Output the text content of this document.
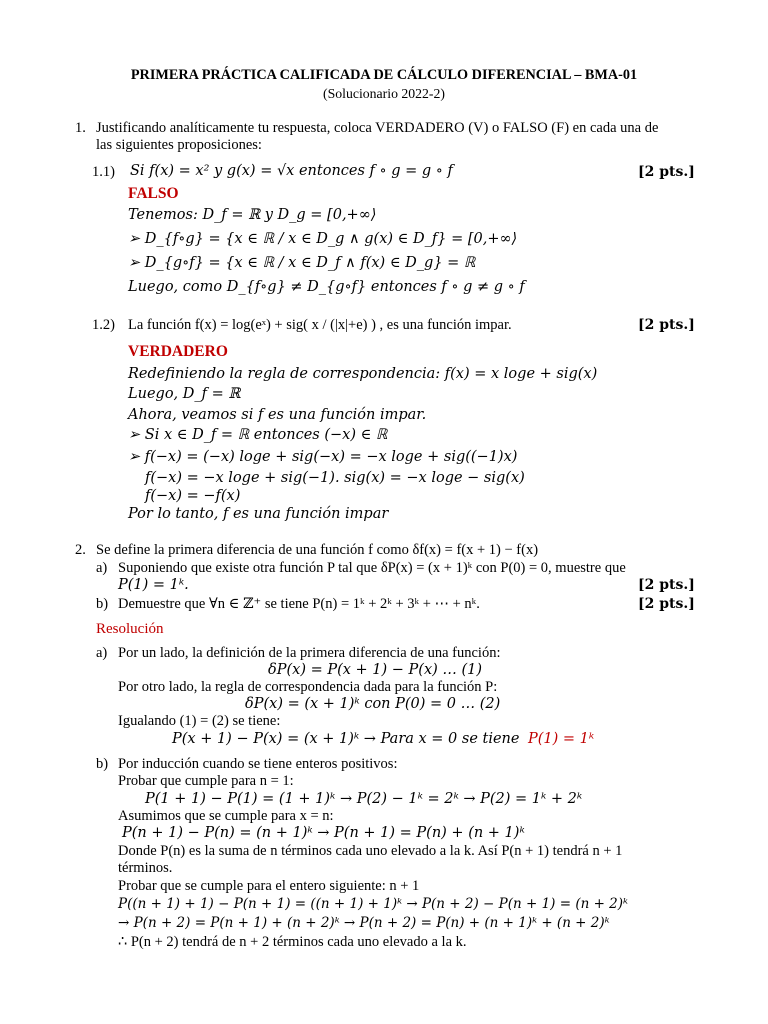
PRIMERA PRÁCTICA CALIFICADA DE CÁLCULO DIFERENCIAL – BMA-01
(Solucionario 2022-2)
1. Justificando analíticamente tu respuesta, coloca VERDADERO (V) o FALSO (F) en cada una de
las siguientes proposiciones:
1.1) Si f(x) = x² y g(x) = √x entonces f ∘ g = g ∘ f	[2 pts.]
FALSO
Tenemos: D_f = ℝ y D_g = [0,+∞⟩
➢ D_{f∘g} = {x ∈ ℝ / x ∈ D_g ∧ g(x) ∈ D_f} = [0,+∞⟩
➢ D_{g∘f} = {x ∈ ℝ / x ∈ D_f ∧ f(x) ∈ D_g} = ℝ
Luego, como D_{f∘g} ≠ D_{g∘f} entonces f ∘ g ≠ g ∘ f
1.2) La función f(x) = log(eˣ) + sig( x / (|x|+e) ) , es una función impar.	[2 pts.]
VERDADERO
Redefiniendo la regla de correspondencia: f(x) = x loge + sig(x)
Luego, D_f = ℝ
Ahora, veamos si f es una función impar.
➢ Si x ∈ D_f = ℝ entonces (−x) ∈ ℝ
➢ f(−x) = (−x) loge + sig(−x) = −x loge + sig((−1)x)
f(−x) = −x loge + sig(−1). sig(x) = −x loge − sig(x)
f(−x) = −f(x)
Por lo tanto, f es una función impar
2. Se define la primera diferencia de una función f como δf(x) = f(x + 1) − f(x)
a) Suponiendo que existe otra función P tal que δP(x) = (x + 1)ᵏ con P(0) = 0, muestre que
P(1) = 1ᵏ.	[2 pts.]
b) Demuestre que ∀n ∈ ℤ⁺ se tiene P(n) = 1ᵏ + 2ᵏ + 3ᵏ + ⋯ + nᵏ.	[2 pts.]
Resolución
a) Por un lado, la definición de la primera diferencia de una función:
δP(x) = P(x + 1) − P(x) … (1)
Por otro lado, la regla de correspondencia dada para la función P:
δP(x) = (x + 1)ᵏ con P(0) = 0 … (2)
Igualando (1) = (2) se tiene:
P(x + 1) − P(x) = (x + 1)ᵏ → Para x = 0 se tiene P(1) = 1ᵏ
b) Por inducción cuando se tiene enteros positivos:
Probar que cumple para n = 1:
P(1 + 1) − P(1) = (1 + 1)ᵏ → P(2) − 1ᵏ = 2ᵏ → P(2) = 1ᵏ + 2ᵏ
Asumimos que se cumple para x = n:
P(n + 1) − P(n) = (n + 1)ᵏ → P(n + 1) = P(n) + (n + 1)ᵏ
Donde P(n) es la suma de n términos cada uno elevado a la k. Así P(n + 1) tendrá n + 1
términos.
Probar que se cumple para el entero siguiente: n + 1
P((n + 1) + 1) − P(n + 1) = ((n + 1) + 1)ᵏ → P(n + 2) − P(n + 1) = (n + 2)ᵏ
→ P(n + 2) = P(n + 1) + (n + 2)ᵏ → P(n + 2) = P(n) + (n + 1)ᵏ + (n + 2)ᵏ
∴ P(n + 2) tendrá de n + 2 términos cada uno elevado a la k.
